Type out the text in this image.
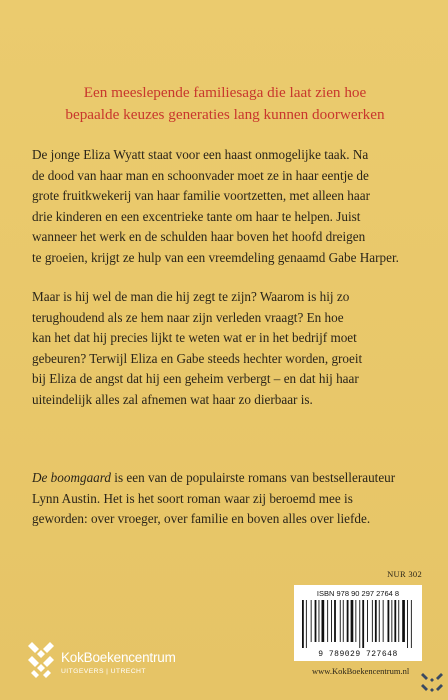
Een meeslepende familiesaga die laat zien hoe
bepaalde keuzes generaties lang kunnen doorwerken
De jonge Eliza Wyatt staat voor een haast onmogelijke taak. Na
de dood van haar man en schoonvader moet ze in haar eentje de
grote fruitkwekerij van haar familie voortzetten, met alleen haar
drie kinderen en een excentrieke tante om haar te helpen. Juist
wanneer het werk en de schulden haar boven het hoofd dreigen
te groeien, krijgt ze hulp van een vreemdeling genaamd Gabe Harper.
Maar is hij wel de man die hij zegt te zijn? Waarom is hij zo
terughoudend als ze hem naar zijn verleden vraagt? En hoe
kan het dat hij precies lijkt te weten wat er in het bedrijf moet
gebeuren? Terwijl Eliza en Gabe steeds hechter worden, groeit
bij Eliza de angst dat hij een geheim verbergt – en dat hij haar
uiteindelijk alles zal afnemen wat haar zo dierbaar is.
De boomgaard is een van de populairste romans van bestsellerauteur
Lynn Austin. Het is het soort roman waar zij beroemd mee is
geworden: over vroeger, over familie en boven alles over liefde.
NUR 302
ISBN 978 90 297 2764 8
9 789029 727648
www.KokBoekencentrum.nl
KokBoekencentrum
UITGEVERS | UTRECHT
